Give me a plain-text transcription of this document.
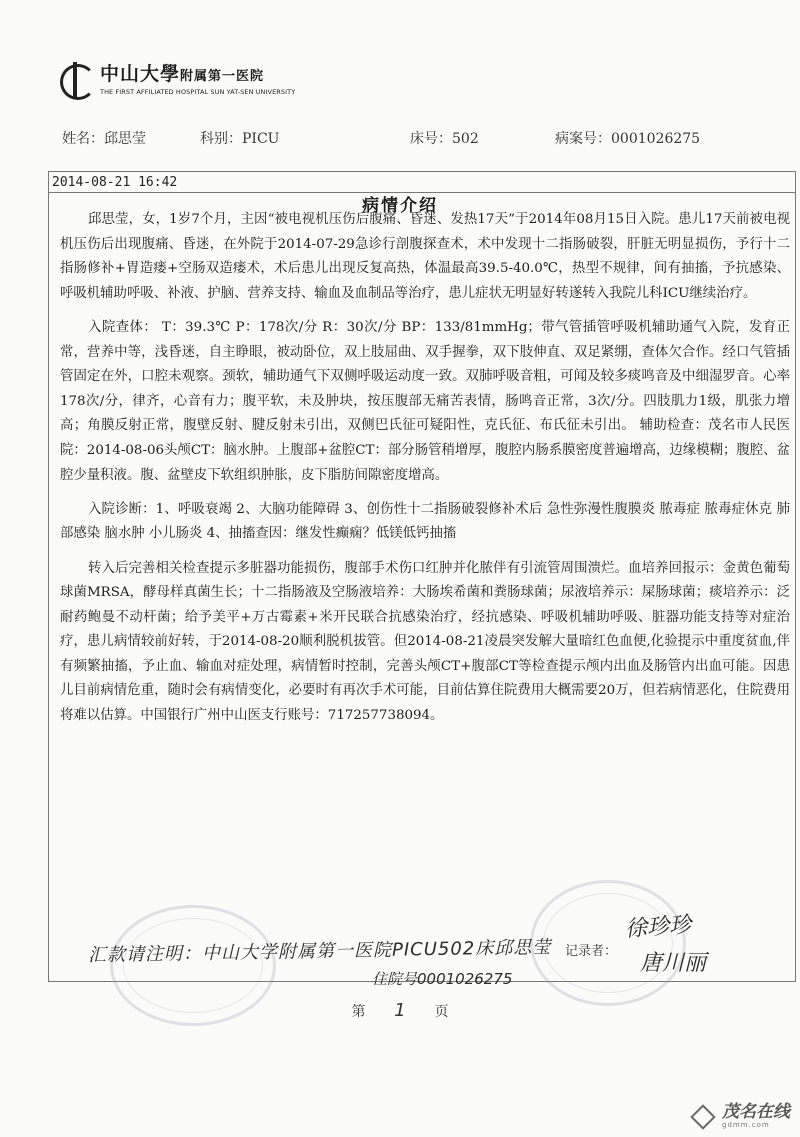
中山大學附属第一医院
THE FIRST AFFILIATED HOSPITAL SUN YAT-SEN UNIVERSITY
姓名：邱思莹	科别：PICU	床号：502	病案号：0001026275
2014-08-21 16:42
病情介绍

邱思莹，女，1岁7个月，主因“被电视机压伤后腹痛、昏迷、发热17天”于2014年08月15日入院。患儿17天前被电视机压伤后出现腹痛、昏迷，在外院于2014-07-29急诊行剖腹探查术，术中发现十二指肠破裂，肝脏无明显损伤，予行十二指肠修补+胃造瘘+空肠双造瘘术，术后患儿出现反复高热，体温最高39.5-40.0℃，热型不规律，间有抽搐，予抗感染、呼吸机辅助呼吸、补液、护脑、营养支持、输血及血制品等治疗，患儿症状无明显好转遂转入我院儿科ICU继续治疗。

入院查体： T：39.3℃ P：178次/分 R：30次/分 BP：133/81mmHg；带气管插管呼吸机辅助通气入院，发育正常，营养中等，浅昏迷，自主睁眼，被动卧位，双上肢屈曲、双手握拳，双下肢伸直、双足紧绷，查体欠合作。经口气管插管固定在外，口腔未观察。颈软，辅助通气下双侧呼吸运动度一致。双肺呼吸音粗，可闻及较多痰鸣音及中细湿罗音。心率178次/分，律齐，心音有力；腹平软，未及肿块，按压腹部无痛苦表情，肠鸣音正常，3次/分。四肢肌力1级，肌张力增高；角膜反射正常，腹壁反射、腱反射未引出，双侧巴氏征可疑阳性，克氏征、布氏征未引出。 辅助检查：茂名市人民医院：2014-08-06头颅CT：脑水肿。上腹部+盆腔CT：部分肠管稍增厚，腹腔内肠系膜密度普遍增高，边缘模糊；腹腔、盆腔少量积液。腹、盆壁皮下软组织肿胀，皮下脂肪间隙密度增高。

入院诊断：1、呼吸衰竭 2、大脑功能障碍 3、创伤性十二指肠破裂修补术后 急性弥漫性腹膜炎 脓毒症 脓毒症休克 肺部感染 脑水肿 小儿肠炎 4、抽搐查因：继发性癫痫？低镁低钙抽搐

转入后完善相关检查提示多脏器功能损伤，腹部手术伤口红肿并化脓伴有引流管周围溃烂。血培养回报示：金黄色葡萄球菌MRSA，酵母样真菌生长；十二指肠液及空肠液培养：大肠埃希菌和粪肠球菌；尿液培养示：屎肠球菌；痰培养示：泛耐药鲍曼不动杆菌；给予美平+万古霉素+米开民联合抗感染治疗，经抗感染、呼吸机辅助呼吸、脏器功能支持等对症治疗，患儿病情较前好转，于2014-08-20顺利脱机拔管。但2014-08-21凌晨突发解大量暗红色血便,化验提示中重度贫血,伴有频繁抽搐，予止血、输血对症处理，病情暂时控制，完善头颅CT+腹部CT等检查提示颅内出血及肠管内出血可能。因患儿目前病情危重，随时会有病情变化，必要时有再次手术可能，目前估算住院费用大概需要20万，但若病情恶化，住院费用将难以估算。中国银行广州中山医支行账号：717257738094。

汇款请注明：中山大学附属第一医院PICU502床邱思莹
住院号0001026275
记录者：
徐珍珍
唐川丽
第 1 页
茂名在线
gdmm.com
